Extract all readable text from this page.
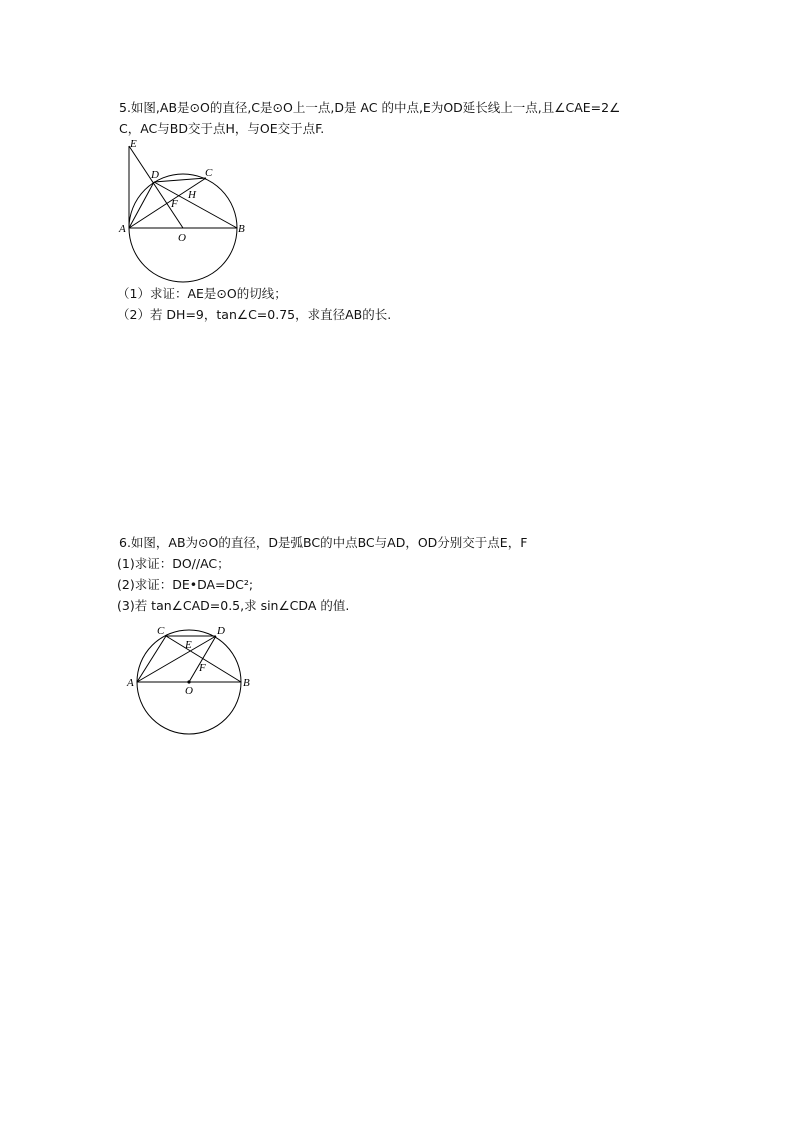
5.如图,AB是⊙O的直径,C是⊙O上一点,D是 AC 的中点,E为OD延长线上一点,且∠CAE=2∠
C，AC与BD交于点H，与OE交于点F.
E
D	C
H
F
A
O
B
（1）求证：AE是⊙O的切线；
（2）若 DH=9，tan∠C=0.75，求直径AB的长.
6.如图，AB为⊙O的直径，D是弧BC的中点BC与AD，OD分别交于点E，F
(1)求证：DO//AC；
(2)求证：DE•DA=DC²;
(3)若 tan∠CAD=0.5,求 sin∠CDA 的值.
C	D
E
F
A
O
B
